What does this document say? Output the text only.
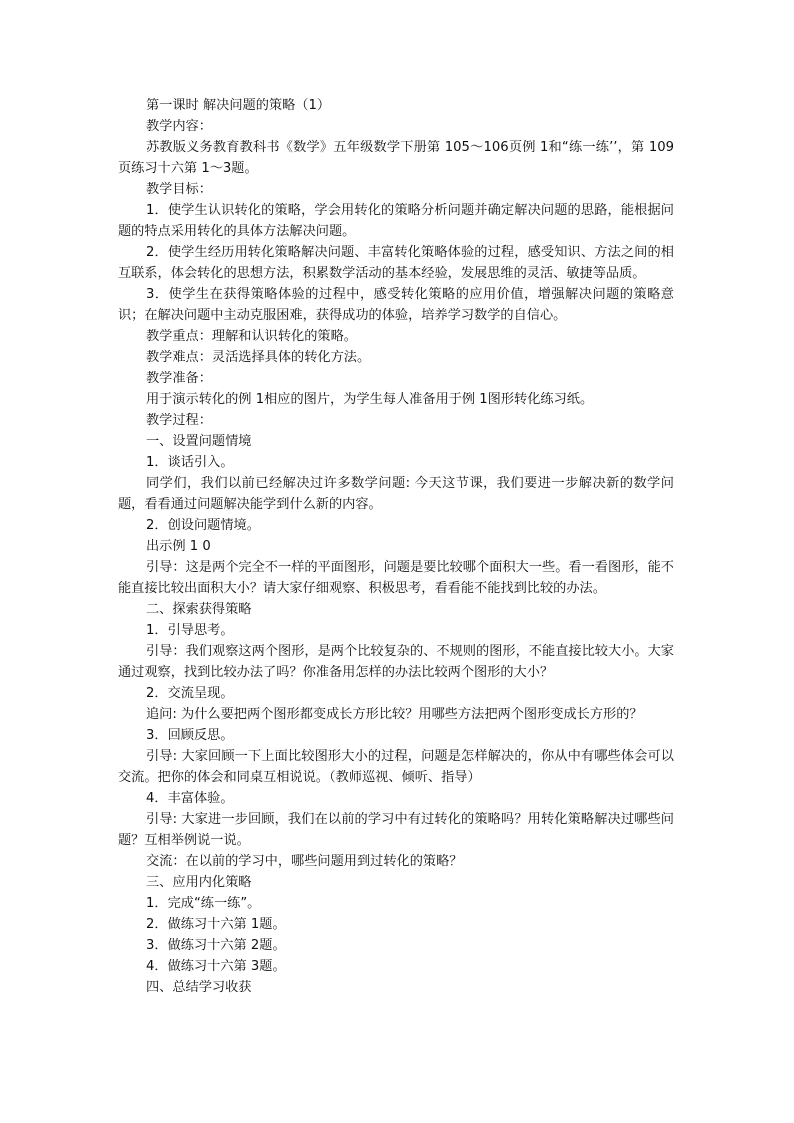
第一课时 解决问题的策略（1）

教学内容：

苏教版义务教育教科书《数学》五年级数学下册第 105～106页例 1和“练一练’’，第 109页练习十六第 1～3题。

教学目标：

1．使学生认识转化的策略，学会用转化的策略分析问题并确定解决问题的思路，能根据问题的特点采用转化的具体方法解决问题。

2．使学生经历用转化策略解决问题、丰富转化策略体验的过程，感受知识、方法之间的相互联系，体会转化的思想方法，积累数学活动的基本经验，发展思维的灵活、敏捷等品质。

3．使学生在获得策略体验的过程中，感受转化策略的应用价值，增强解决问题的策略意识；在解决问题中主动克服困难，获得成功的体验，培养学习数学的自信心。

教学重点：理解和认识转化的策略。

教学难点：灵活选择具体的转化方法。

教学准备：

用于演示转化的例 1相应的图片，为学生每人准备用于例 1图形转化练习纸。

教学过程：

一、设置问题情境

1．谈话引入。

同学们，我们以前已经解决过许多数学问题: 今天这节课，我们要进一步解决新的数学问题，看看通过问题解决能学到什么新的内容。

2．创设问题情境。

出示例 1 0

引导：这是两个完全不一样的平面图形，问题是要比较哪个面积大一些。看一看图形，能不能直接比较出面积大小？请大家仔细观察、积极思考，看看能不能找到比较的办法。

二、探索获得策略

1．引导思考。

引导：我们观察这两个图形，是两个比较复杂的、不规则的图形，不能直接比较大小。大家通过观察，找到比较办法了吗？你准备用怎样的办法比较两个图形的大小？

2．交流呈现。

追问: 为什么要把两个图形都变成长方形比较？用哪些方法把两个图形变成长方形的？

3．回顾反思。

引导: 大家回顾一下上面比较图形大小的过程，问题是怎样解决的，你从中有哪些体会可以交流。把你的体会和同桌互相说说。（教师巡视、倾听、指导）

4．丰富体验。

引导: 大家进一步回顾，我们在以前的学习中有过转化的策略吗？用转化策略解决过哪些问题？互相举例说一说。

交流：在以前的学习中，哪些问题用到过转化的策略？

三、应用内化策略

1．完成“练一练”。

2．做练习十六第 1题。

3．做练习十六第 2题。

4．做练习十六第 3题。

四、总结学习收获
